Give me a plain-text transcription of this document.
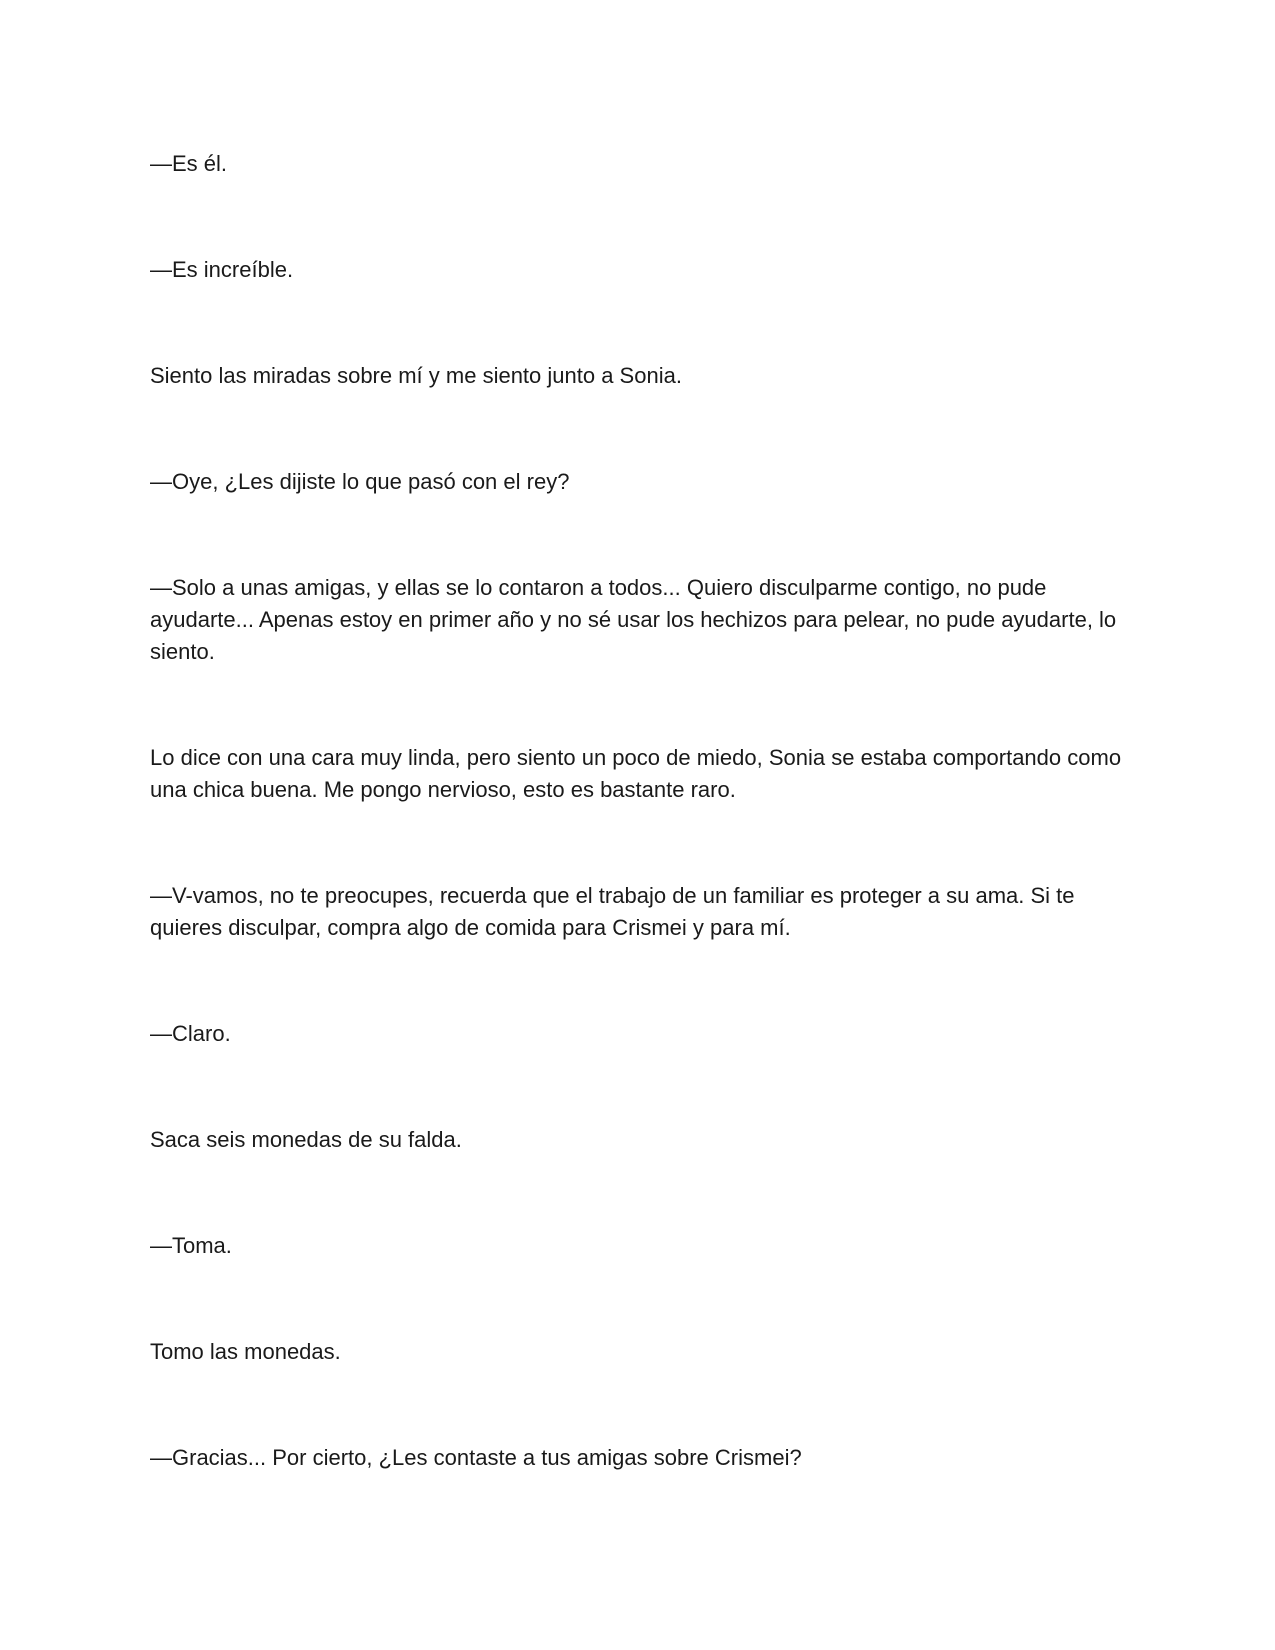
—Es él.

—Es increíble.

Siento las miradas sobre mí y me siento junto a Sonia.

—Oye, ¿Les dijiste lo que pasó con el rey?

—Solo a unas amigas, y ellas se lo contaron a todos... Quiero disculparme contigo, no pude ayudarte... Apenas estoy en primer año y no sé usar los hechizos para pelear, no pude ayudarte, lo siento.

Lo dice con una cara muy linda, pero siento un poco de miedo, Sonia se estaba comportando como una chica buena. Me pongo nervioso, esto es bastante raro.

—V-vamos, no te preocupes, recuerda que el trabajo de un familiar es proteger a su ama. Si te quieres disculpar, compra algo de comida para Crismei y para mí.

—Claro.

Saca seis monedas de su falda.

—Toma.

Tomo las monedas.

—Gracias... Por cierto, ¿Les contaste a tus amigas sobre Crismei?
